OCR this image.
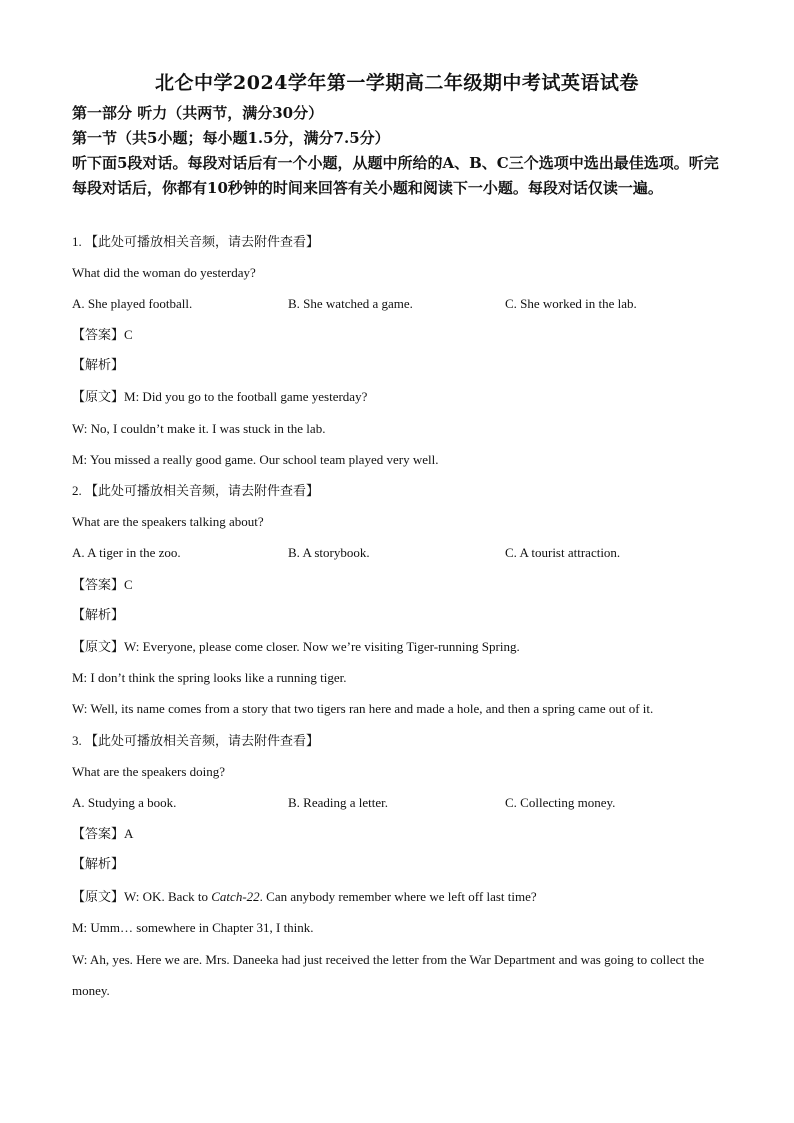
北仑中学2024学年第一学期高二年级期中考试英语试卷
第一部分 听力（共两节，满分30分）
第一节（共5小题；每小题1.5分，满分7.5分）
听下面5段对话。每段对话后有一个小题，从题中所给的A、B、C三个选项中选出最佳选项。听完每段对话后，你都有10秒钟的时间来回答有关小题和阅读下一小题。每段对话仅读一遍。
1. 【此处可播放相关音频，请去附件查看】
What did the woman do yesterday?
A. She played football.	B. She watched a game.	C. She worked in the lab.
【答案】C
【解析】
【原文】M: Did you go to the football game yesterday?
W: No, I couldn’t make it. I was stuck in the lab.
M: You missed a really good game. Our school team played very well.
2. 【此处可播放相关音频，请去附件查看】
What are the speakers talking about?
A. A tiger in the zoo.	B. A storybook.	C. A tourist attraction.
【答案】C
【解析】
【原文】W: Everyone, please come closer. Now we’re visiting Tiger-running Spring.
M: I don’t think the spring looks like a running tiger.
W: Well, its name comes from a story that two tigers ran here and made a hole, and then a spring came out of it.
3. 【此处可播放相关音频，请去附件查看】
What are the speakers doing?
A. Studying a book.	B. Reading a letter.	C. Collecting money.
【答案】A
【解析】
【原文】W: OK. Back to Catch-22. Can anybody remember where we left off last time?
M: Umm… somewhere in Chapter 31, I think.
W: Ah, yes. Here we are. Mrs. Daneeka had just received the letter from the War Department and was going to collect the money.
